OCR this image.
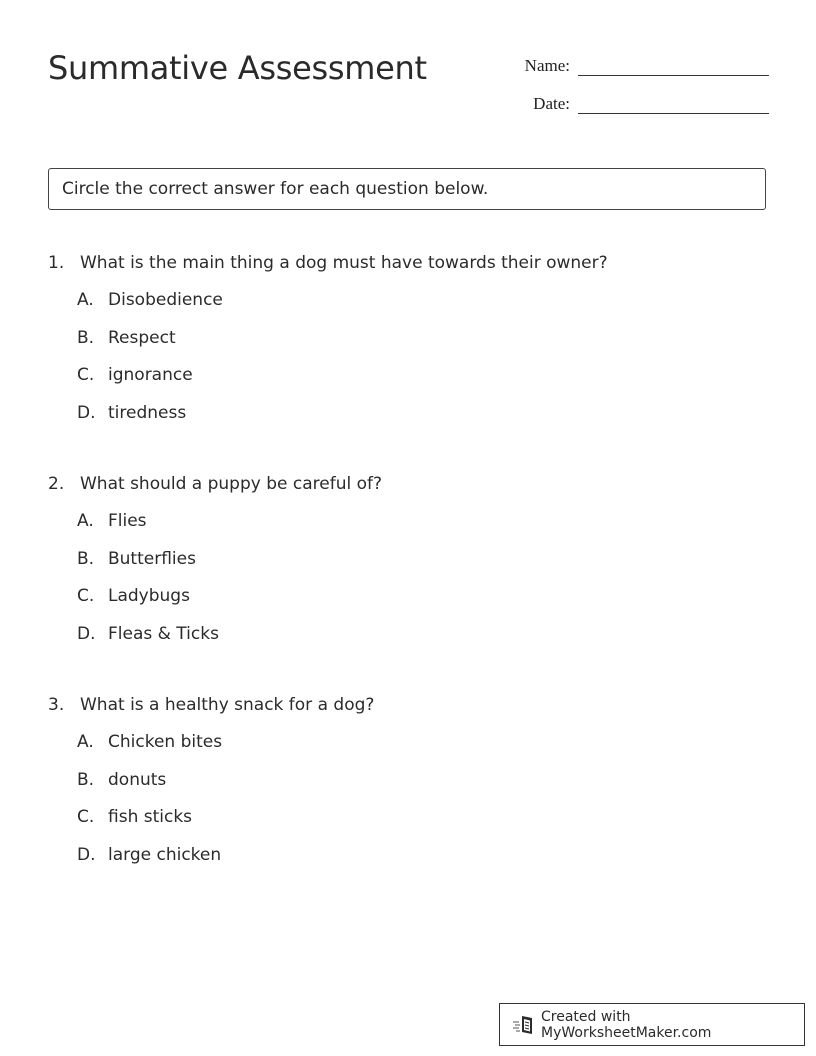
Summative Assessment	Name:
Date:
Circle the correct answer for each question below.
1. What is the main thing a dog must have towards their owner?
A. Disobedience
B. Respect
C. ignorance
D. tiredness
2. What should a puppy be careful of?
A. Flies
B. Butterflies
C. Ladybugs
D. Fleas & Ticks
3. What is a healthy snack for a dog?
A. Chicken bites
B. donuts
C. fish sticks
D. large chicken
Created with MyWorksheetMaker.com
